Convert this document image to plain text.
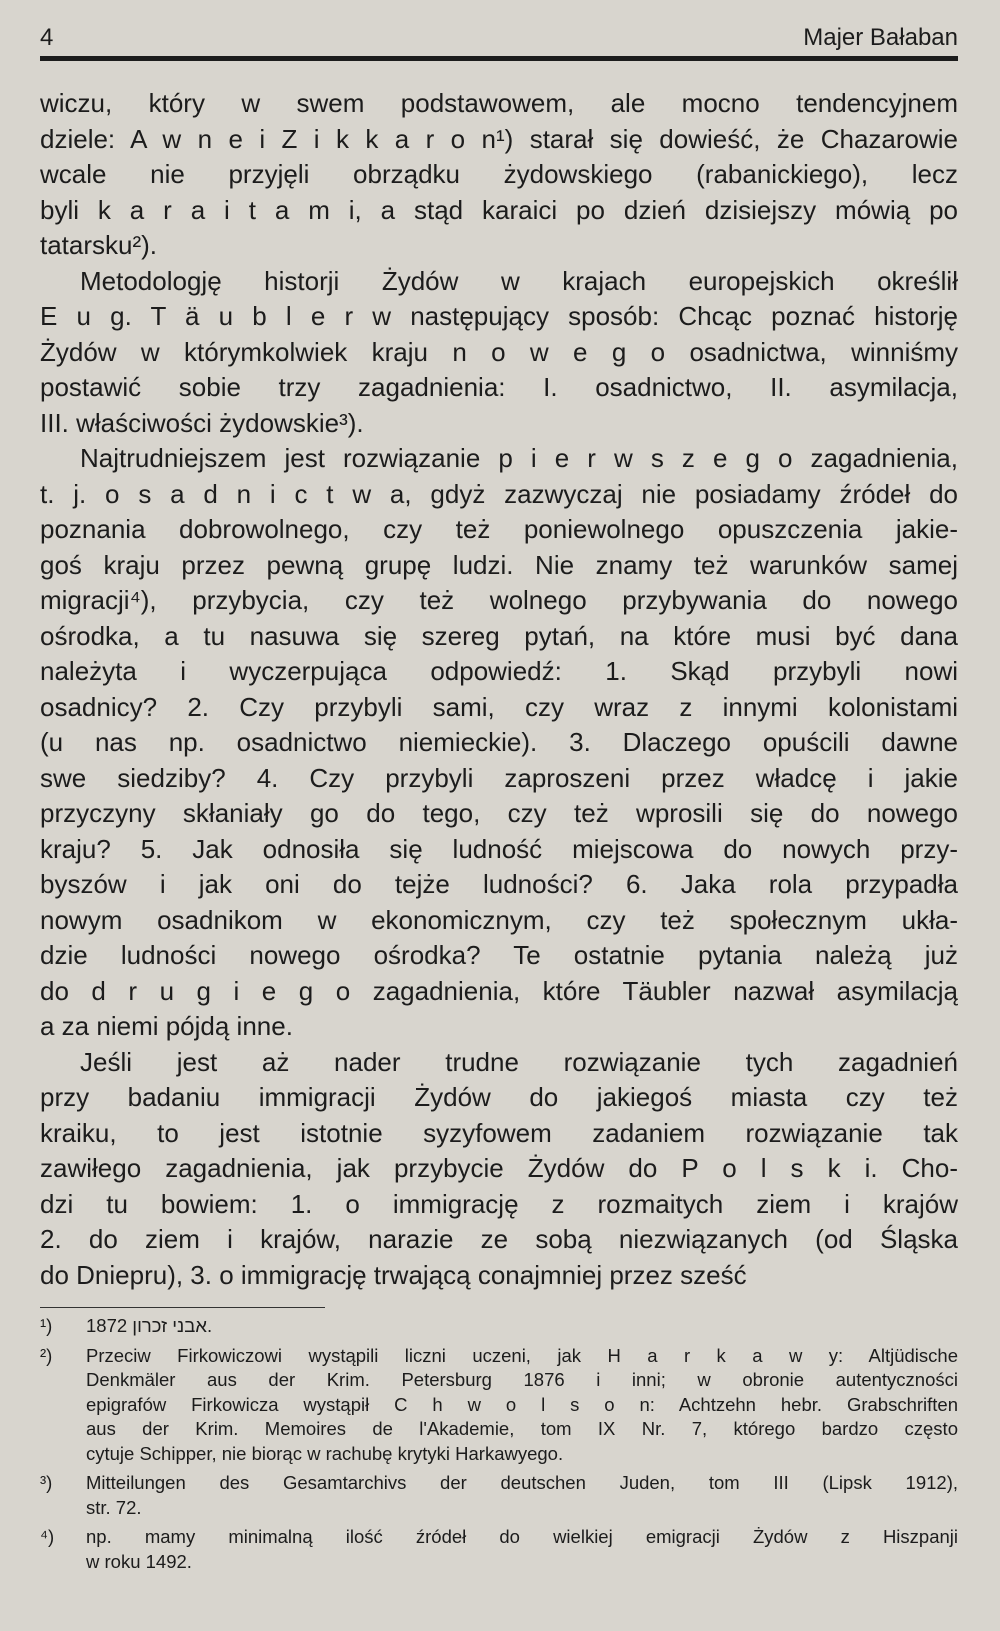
4	Majer Bałaban
wiczu, który w swem podstawowem, ale mocno tendencyjnem
dziele: A w n e i Z i k k a r o n¹) starał się dowieść, że Chazarowie
wcale nie przyjęli obrządku żydowskiego (rabanickiego), lecz
byli k a r a i t a m i, a stąd karaici po dzień dzisiejszy mówią po
tatarsku²).
Metodologję historji Żydów w krajach europejskich określił
E u g. T ä u b l e r w następujący sposób: Chcąc poznać historję
Żydów w którymkolwiek kraju n o w e g o osadnictwa, winniśmy
postawić sobie trzy zagadnienia: I. osadnictwo, II. asymilacja,
III. właściwości żydowskie³).
Najtrudniejszem jest rozwiązanie p i e r w s z e g o zagadnienia,
t. j. o s a d n i c t w a, gdyż zazwyczaj nie posiadamy źródeł do
poznania dobrowolnego, czy też poniewolnego opuszczenia jakie-
goś kraju przez pewną grupę ludzi. Nie znamy też warunków samej
migracji⁴), przybycia, czy też wolnego przybywania do nowego
ośrodka, a tu nasuwa się szereg pytań, na które musi być dana
należyta i wyczerpująca odpowiedź: 1. Skąd przybyli nowi
osadnicy? 2. Czy przybyli sami, czy wraz z innymi kolonistami
(u nas np. osadnictwo niemieckie). 3. Dlaczego opuścili dawne
swe siedziby? 4. Czy przybyli zaproszeni przez władcę i jakie
przyczyny skłaniały go do tego, czy też wprosili się do nowego
kraju? 5. Jak odnosiła się ludność miejscowa do nowych przy-
byszów i jak oni do tejże ludności? 6. Jaka rola przypadła
nowym osadnikom w ekonomicznym, czy też społecznym ukła-
dzie ludności nowego ośrodka? Te ostatnie pytania należą już
do d r u g i e g o zagadnienia, które Täubler nazwał asymilacją
a za niemi pójdą inne.
Jeśli jest aż nader trudne rozwiązanie tych zagadnień
przy badaniu immigracji Żydów do jakiegoś miasta czy też
kraiku, to jest istotnie syzyfowem zadaniem rozwiązanie tak
zawiłego zagadnienia, jak przybycie Żydów do P o l s k i. Cho-
dzi tu bowiem: 1. o immigrację z rozmaitych ziem i krajów
2. do ziem i krajów, narazie ze sobą niezwiązanych (od Śląska
do Dniepru), 3. o immigrację trwającą conajmniej przez sześć
¹)	אבני זכרון 1872.
²)	Przeciw Firkowiczowi wystąpili liczni uczeni, jak H a r k a w y: Altjüdische
Denkmäler aus der Krim. Petersburg 1876 i inni; w obronie autentyczności
epigrafów Firkowicza wystąpił C h w o l s o n: Achtzehn hebr. Grabschriften
aus der Krim. Memoires de l'Akademie, tom IX Nr. 7, którego bardzo często
cytuje Schipper, nie biorąc w rachubę krytyki Harkawyego.
³)	Mitteilungen des Gesamtarchivs der deutschen Juden, tom III (Lipsk 1912),
str. 72.
⁴)	np. mamy minimalną ilość źródeł do wielkiej emigracji Żydów z Hiszpanji
w roku 1492.
